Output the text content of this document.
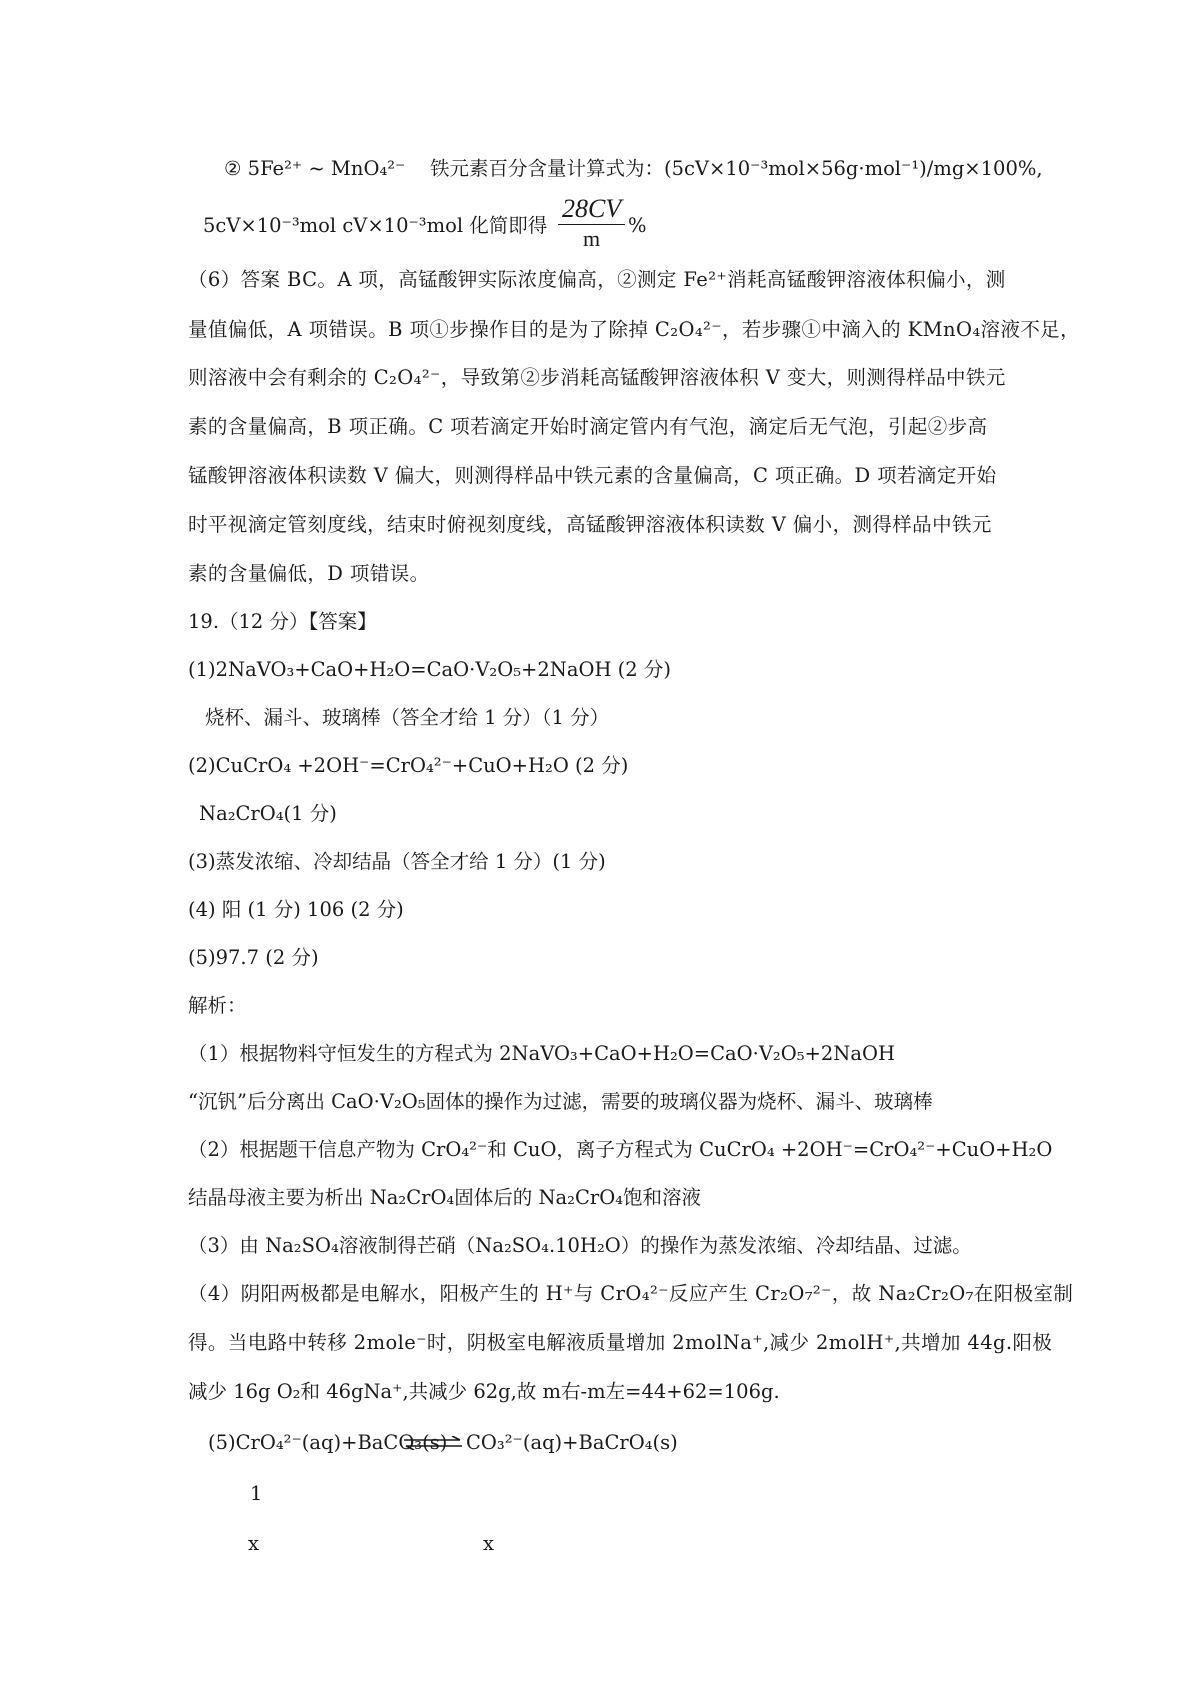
② 5Fe²⁺ ~ MnO₄²⁻ 铁元素百分含量计算式为：(5cV×10⁻³mol×56g·mol⁻¹)/mg×100%,
5cV×10⁻³mol cV×10⁻³mol 化简即得
28CV
m
%
（6）答案 BC。A 项，高锰酸钾实际浓度偏高，②测定 Fe²⁺消耗高锰酸钾溶液体积偏小，测
量值偏低，A 项错误。B 项①步操作目的是为了除掉 C₂O₄²⁻，若步骤①中滴入的 KMnO₄溶液不足，
则溶液中会有剩余的 C₂O₄²⁻，导致第②步消耗高锰酸钾溶液体积 V 变大，则测得样品中铁元
素的含量偏高，B 项正确。C 项若滴定开始时滴定管内有气泡，滴定后无气泡，引起②步高
锰酸钾溶液体积读数 V 偏大，则测得样品中铁元素的含量偏高，C 项正确。D 项若滴定开始
时平视滴定管刻度线，结束时俯视刻度线，高锰酸钾溶液体积读数 V 偏小，测得样品中铁元
素的含量偏低，D 项错误。
19.（12 分）【答案】
(1)2NaVO₃+CaO+H₂O=CaO·V₂O₅+2NaOH (2 分)
烧杯、漏斗、玻璃棒（答全才给 1 分）（1 分）
(2)CuCrO₄ +2OH⁻=CrO₄²⁻+CuO+H₂O (2 分)
Na₂CrO₄(1 分)
(3)蒸发浓缩、冷却结晶（答全才给 1 分）(1 分)
(4) 阳 (1 分) 106 (2 分)
(5)97.7 (2 分)
解析：
（1）根据物料守恒发生的方程式为 2NaVO₃+CaO+H₂O=CaO·V₂O₅+2NaOH
“沉钒”后分离出 CaO·V₂O₅固体的操作为过滤，需要的玻璃仪器为烧杯、漏斗、玻璃棒
（2）根据题干信息产物为 CrO₄²⁻和 CuO，离子方程式为 CuCrO₄ +2OH⁻=CrO₄²⁻+CuO+H₂O
结晶母液主要为析出 Na₂CrO₄固体后的 Na₂CrO₄饱和溶液
（3）由 Na₂SO₄溶液制得芒硝（Na₂SO₄.10H₂O）的操作为蒸发浓缩、冷却结晶、过滤。
（4）阴阳两极都是电解水，阳极产生的 H⁺与 CrO₄²⁻反应产生 Cr₂O₇²⁻，故 Na₂Cr₂O₇在阳极室制
得。当电路中转移 2mole⁻时，阴极室电解液质量增加 2molNa⁺,减少 2molH⁺,共增加 44g.阳极
减少 16g O₂和 46gNa⁺,共减少 62g,故 m右-m左=44+62=106g.
(5)CrO₄²⁻(aq)+BaCO₃(s) ⇌ CO₃²⁻(aq)+BaCrO₄(s)
1
x	x
